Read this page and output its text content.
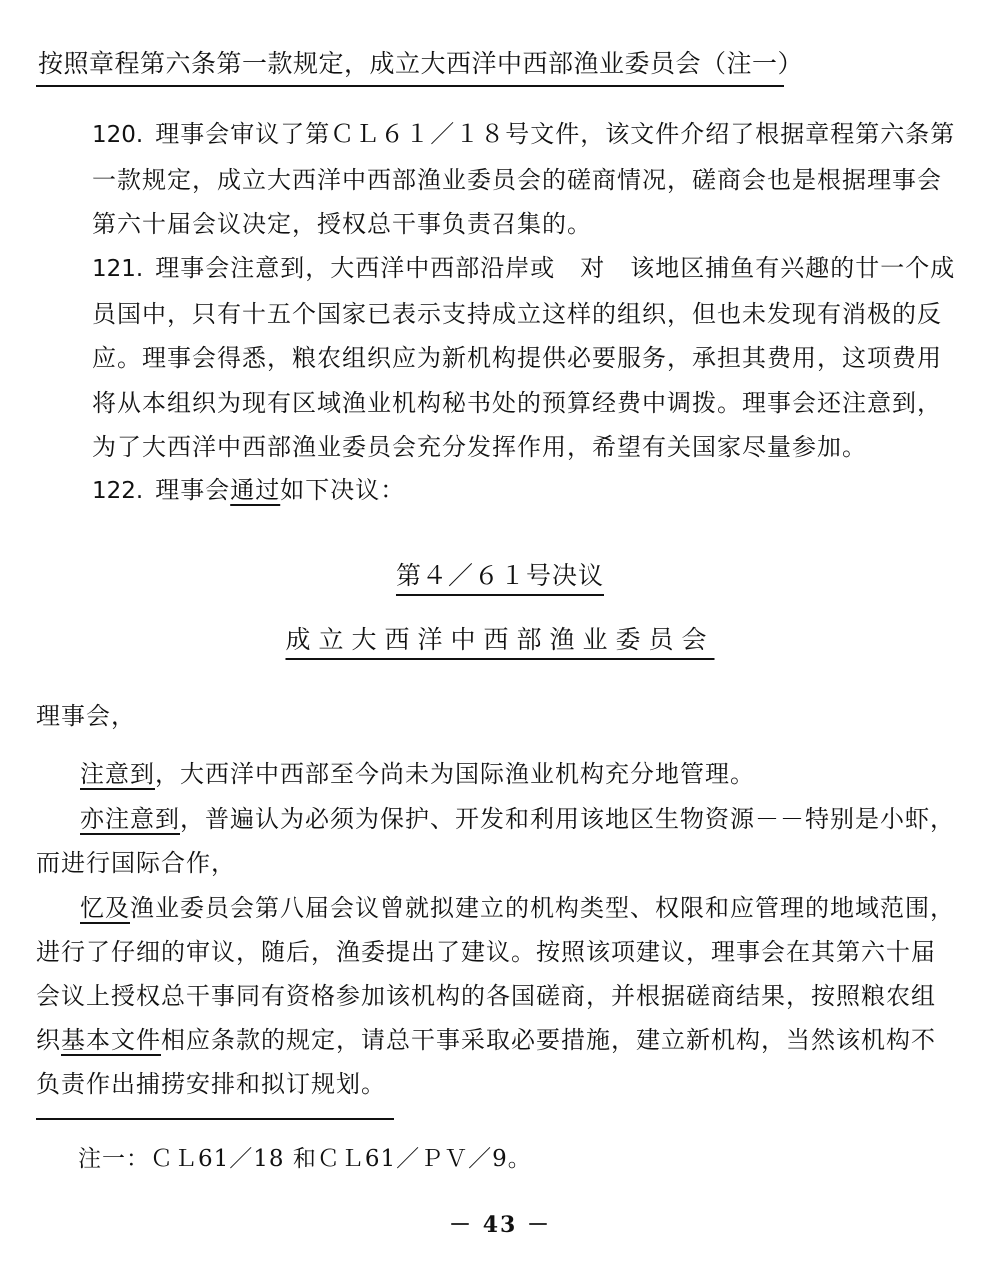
按照章程第六条第一款规定，成立大西洋中西部渔业委员会（注一）

120. 理事会审议了第ＣＬ６１／１８号文件，该文件介绍了根据章程第六条第一款规定，成立大西洋中西部渔业委员会的磋商情况，磋商会也是根据理事会第六十届会议决定，授权总干事负责召集的。

121. 理事会注意到，大西洋中西部沿岸或　对　该地区捕鱼有兴趣的廿一个成员国中，只有十五个国家已表示支持成立这样的组织，但也未发现有消极的反应。理事会得悉，粮农组织应为新机构提供必要服务，承担其费用，这项费用将从本组织为现有区域渔业机构秘书处的预算经费中调拨。理事会还注意到，为了大西洋中西部渔业委员会充分发挥作用，希望有关国家尽量参加。

122. 理事会通过如下决议：

第４／６１号决议
成立大西洋中西部渔业委员会
理事会，

注意到，大西洋中西部至今尚未为国际渔业机构充分地管理。

亦注意到，普遍认为必须为保护、开发和利用该地区生物资源－－特别是小虾，而进行国际合作，

忆及渔业委员会第八届会议曾就拟建立的机构类型、权限和应管理的地域范围，进行了仔细的审议，随后，渔委提出了建议。按照该项建议，理事会在其第六十届会议上授权总干事同有资格参加该机构的各国磋商，并根据磋商结果，按照粮农组织基本文件相应条款的规定，请总干事采取必要措施，建立新机构，当然该机构不负责作出捕捞安排和拟订规划。

注一：ＣＬ61／18 和ＣＬ61／ＰＶ／9。
－ 43 －
